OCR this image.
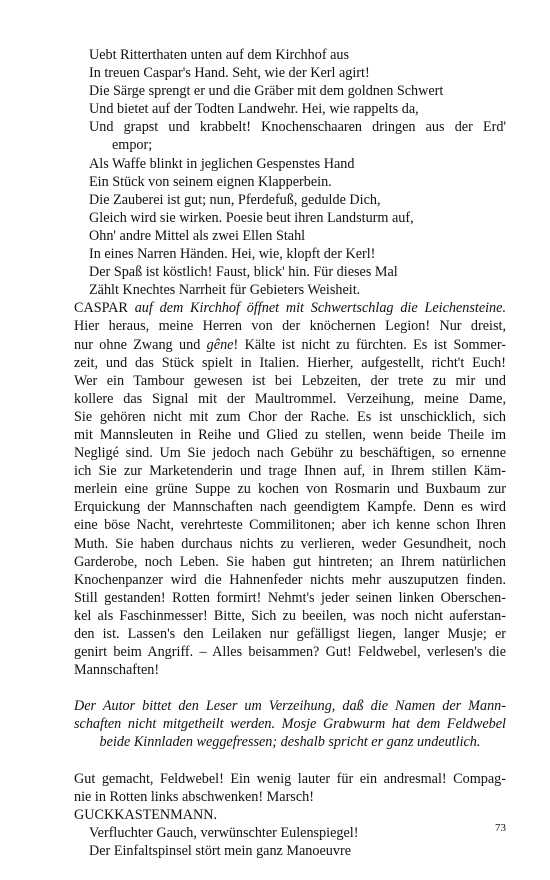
Uebt Ritterthaten unten auf dem Kirchhof aus
In treuen Caspar's Hand. Seht, wie der Kerl agirt!
Die Särge sprengt er und die Gräber mit dem goldnen Schwert
Und bietet auf der Todten Landwehr. Hei, wie rappelts da,
Und grapst und krabbelt! Knochenschaaren dringen aus der Erd'
empor;
Als Waffe blinkt in jeglichen Gespenstes Hand
Ein Stück von seinem eignen Klapperbein.
Die Zauberei ist gut; nun, Pferdefuß, gedulde Dich,
Gleich wird sie wirken. Poesie beut ihren Landsturm auf,
Ohn' andre Mittel als zwei Ellen Stahl
In eines Narren Händen. Hei, wie, klopft der Kerl!
Der Spaß ist köstlich! Faust, blick' hin. Für dieses Mal
Zählt Knechtes Narrheit für Gebieters Weisheit.
CASPAR auf dem Kirchhof öffnet mit Schwertschlag die Leichensteine.
Hier heraus, meine Herren von der knöchernen Legion! Nur dreist,
nur ohne Zwang und gêne! Kälte ist nicht zu fürchten. Es ist Sommer-
zeit, und das Stück spielt in Italien. Hierher, aufgestellt, richt't Euch!
Wer ein Tambour gewesen ist bei Lebzeiten, der trete zu mir und
kollere das Signal mit der Maultrommel. Verzeihung, meine Dame,
Sie gehören nicht mit zum Chor der Rache. Es ist unschicklich, sich
mit Mannsleuten in Reihe und Glied zu stellen, wenn beide Theile im
Negligé sind. Um Sie jedoch nach Gebühr zu beschäftigen, so ernenne
ich Sie zur Marketenderin und trage Ihnen auf, in Ihrem stillen Käm-
merlein eine grüne Suppe zu kochen von Rosmarin und Buxbaum zur
Erquickung der Mannschaften nach geendigtem Kampfe. Denn es wird
eine böse Nacht, verehrteste Commilitonen; aber ich kenne schon Ihren
Muth. Sie haben durchaus nichts zu verlieren, weder Gesundheit, noch
Garderobe, noch Leben. Sie haben gut hintreten; an Ihrem natürlichen
Knochenpanzer wird die Hahnenfeder nichts mehr auszuputzen finden.
Still gestanden! Rotten formirt! Nehmt's jeder seinen linken Oberschen-
kel als Faschinmesser! Bitte, Sich zu beeilen, was noch nicht auferstan-
den ist. Lassen's den Leilaken nur gefälligst liegen, langer Musje; er
genirt beim Angriff. – Alles beisammen? Gut! Feldwebel, verlesen's die
Mannschaften!
Der Autor bittet den Leser um Verzeihung, daß die Namen der Mann-
schaften nicht mitgetheilt werden. Mosje Grabwurm hat dem Feldwebel
beide Kinnladen weggefressen; deshalb spricht er ganz undeutlich.
Gut gemacht, Feldwebel! Ein wenig lauter für ein andresmal! Compag-
nie in Rotten links abschwenken! Marsch!
GUCKKASTENMANN.
Verfluchter Gauch, verwünschter Eulenspiegel!
Der Einfaltspinsel stört mein ganz Manoeuvre
73
